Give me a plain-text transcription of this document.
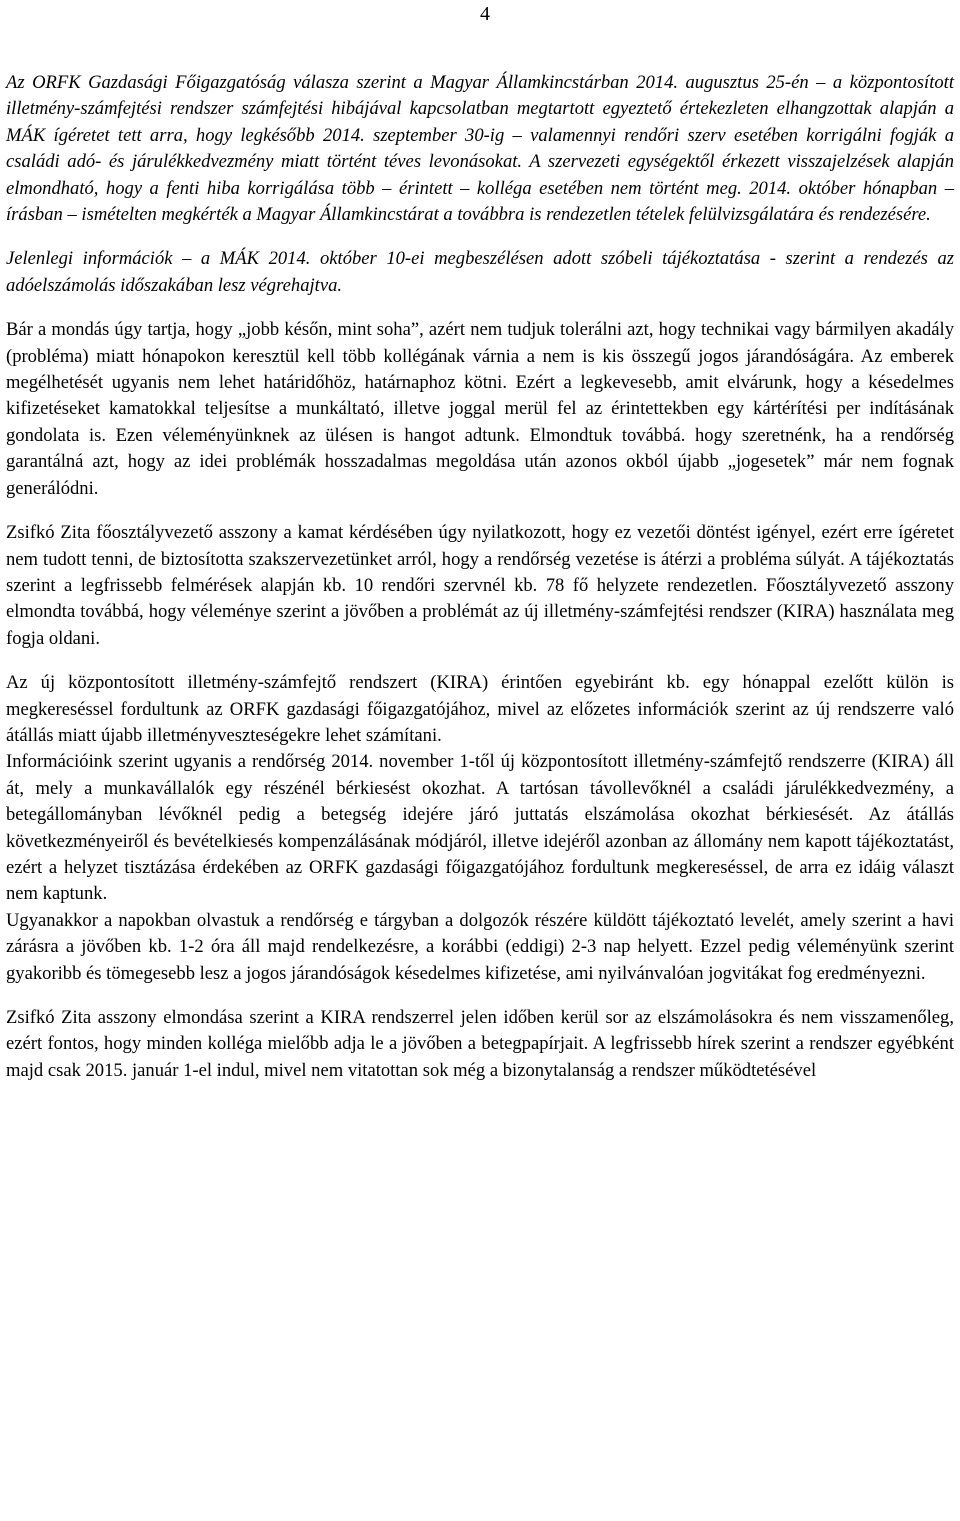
4

Az ORFK Gazdasági Főigazgatóság válasza szerint a Magyar Államkincstárban 2014. augusztus 25-én – a központosított illetmény-számfejtési rendszer számfejtési hibájával kapcsolatban megtartott egyeztető értekezleten elhangzottak alapján a MÁK ígéretet tett arra, hogy legkésőbb 2014. szeptember 30-ig – valamennyi rendőri szerv esetében korrigálni fogják a családi adó- és járulékkedvezmény miatt történt téves levonásokat. A szervezeti egységektől érkezett visszajelzések alapján elmondható, hogy a fenti hiba korrigálása több – érintett – kolléga esetében nem történt meg. 2014. október hónapban – írásban – ismételten megkérték a Magyar Államkincstárat a továbbra is rendezetlen tételek felülvizsgálatára és rendezésére.

Jelenlegi információk – a MÁK 2014. október 10-ei megbeszélésen adott szóbeli tájékoztatása - szerint a rendezés az adóelszámolás időszakában lesz végrehajtva.

Bár a mondás úgy tartja, hogy „jobb későn, mint soha”, azért nem tudjuk tolerálni azt, hogy technikai vagy bármilyen akadály (probléma) miatt hónapokon keresztül kell több kollégának várnia a nem is kis összegű jogos járandóságára. Az emberek megélhetését ugyanis nem lehet határidőhöz, határnaphoz kötni. Ezért a legkevesebb, amit elvárunk, hogy a késedelmes kifizetéseket kamatokkal teljesítse a munkáltató, illetve joggal merül fel az érintettekben egy kártérítési per indításának gondolata is. Ezen véleményünknek az ülésen is hangot adtunk. Elmondtuk továbbá. hogy szeretnénk, ha a rendőrség garantálná azt, hogy az idei problémák hosszadalmas megoldása után azonos okból újabb „jogesetek” már nem fognak generálódni.

Zsifkó Zita főosztályvezető asszony a kamat kérdésében úgy nyilatkozott, hogy ez vezetői döntést igényel, ezért erre ígéretet nem tudott tenni, de biztosította szakszervezetünket arról, hogy a rendőrség vezetése is átérzi a probléma súlyát. A tájékoztatás szerint a legfrissebb felmérések alapján kb. 10 rendőri szervnél kb. 78 fő helyzete rendezetlen. Főosztályvezető asszony elmondta továbbá, hogy véleménye szerint a jövőben a problémát az új illetmény-számfejtési rendszer (KIRA) használata meg fogja oldani.

Az új központosított illetmény-számfejtő rendszert (KIRA) érintően egyebiránt kb. egy hónappal ezelőtt külön is megkereséssel fordultunk az ORFK gazdasági főigazgatójához, mivel az előzetes információk szerint az új rendszerre való átállás miatt újabb illetményveszteségekre lehet számítani.

Információink szerint ugyanis a rendőrség 2014. november 1-től új központosított illetmény-számfejtő rendszerre (KIRA) áll át, mely a munkavállalók egy részénél bérkiesést okozhat. A tartósan távollevőknél a családi járulékkedvezmény, a betegállományban lévőknél pedig a betegség idejére járó juttatás elszámolása okozhat bérkiesését. Az átállás következményeiről és bevételkiesés kompenzálásának módjáról, illetve idejéről azonban az állomány nem kapott tájékoztatást, ezért a helyzet tisztázása érdekében az ORFK gazdasági főigazgatójához fordultunk megkereséssel, de arra ez idáig választ nem kaptunk.

Ugyanakkor a napokban olvastuk a rendőrség e tárgyban a dolgozók részére küldött tájékoztató levelét, amely szerint a havi zárásra a jövőben kb. 1-2 óra áll majd rendelkezésre, a korábbi (eddigi) 2-3 nap helyett. Ezzel pedig véleményünk szerint gyakoribb és tömegesebb lesz a jogos járandóságok késedelmes kifizetése, ami nyilvánvalóan jogvitákat fog eredményezni.

Zsifkó Zita asszony elmondása szerint a KIRA rendszerrel jelen időben kerül sor az elszámolásokra és nem visszamenőleg, ezért fontos, hogy minden kolléga mielőbb adja le a jövőben a betegpapírjait. A legfrissebb hírek szerint a rendszer egyébként majd csak 2015. január 1-el indul, mivel nem vitatottan sok még a bizonytalanság a rendszer működtetésével
